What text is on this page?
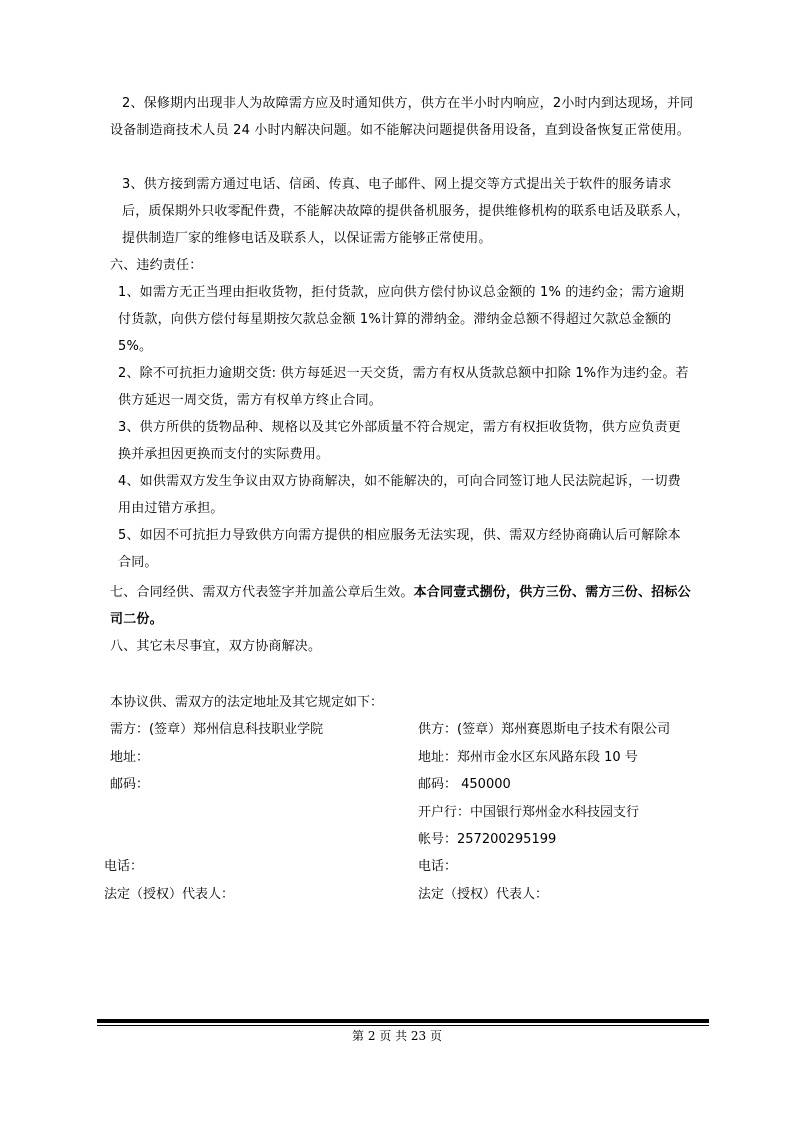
2、保修期内出现非人为故障需方应及时通知供方，供方在半小时内响应，2小时内到达现场，并同设备制造商技术人员 24 小时内解决问题。如不能解决问题提供备用设备，直到设备恢复正常使用。
3、供方接到需方通过电话、信函、传真、电子邮件、网上提交等方式提出关于软件的服务请求后，质保期外只收零配件费，不能解决故障的提供备机服务，提供维修机构的联系电话及联系人，提供制造厂家的维修电话及联系人，以保证需方能够正常使用。
六、违约责任：
1、如需方无正当理由拒收货物，拒付货款，应向供方偿付协议总金额的 1% 的违约金；需方逾期付货款，向供方偿付每星期按欠款总金额 1%计算的滞纳金。滞纳金总额不得超过欠款总金额的 5%。
2、除不可抗拒力逾期交货: 供方每延迟一天交货，需方有权从货款总额中扣除 1%作为违约金。若供方延迟一周交货，需方有权单方终止合同。
3、供方所供的货物品种、规格以及其它外部质量不符合规定，需方有权拒收货物，供方应负责更换并承担因更换而支付的实际费用。
4、如供需双方发生争议由双方协商解决，如不能解决的，可向合同签订地人民法院起诉，一切费用由过错方承担。
5、如因不可抗拒力导致供方向需方提供的相应服务无法实现，供、需双方经协商确认后可解除本合同。
七、合同经供、需双方代表签字并加盖公章后生效。本合同壹式捌份，供方三份、需方三份、招标公司二份。
八、其它未尽事宜，双方协商解决。
本协议供、需双方的法定地址及其它规定如下：
需方：(签章）郑州信息科技职业学院
地址：
邮码：
电话：
法定（授权）代表人：
供方：(签章）郑州赛恩斯电子技术有限公司
地址：郑州市金水区东风路东段 10 号
邮码： 450000
开户行：中国银行郑州金水科技园支行
帐号：257200295199
电话：
法定（授权）代表人：
第 2 页 共 23 页
